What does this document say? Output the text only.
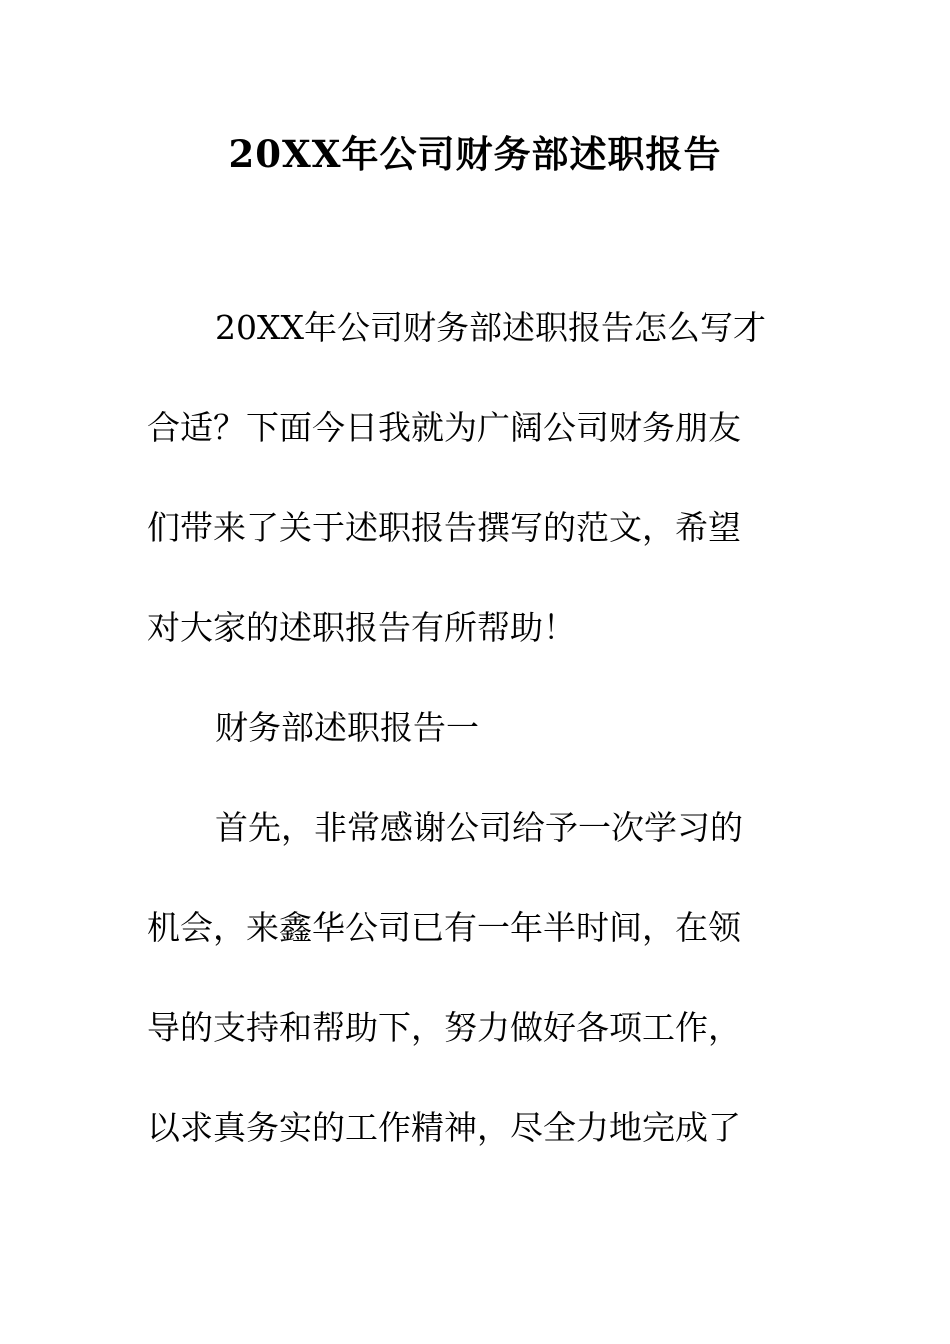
20XX年公司财务部述职报告
20XX年公司财务部述职报告怎么写才
合适？下面今日我就为广阔公司财务朋友
们带来了关于述职报告撰写的范文，希望
对大家的述职报告有所帮助！
财务部述职报告一
首先，非常感谢公司给予一次学习的
机会，来鑫华公司已有一年半时间，在领
导的支持和帮助下，努力做好各项工作，
以求真务实的工作精神，尽全力地完成了
